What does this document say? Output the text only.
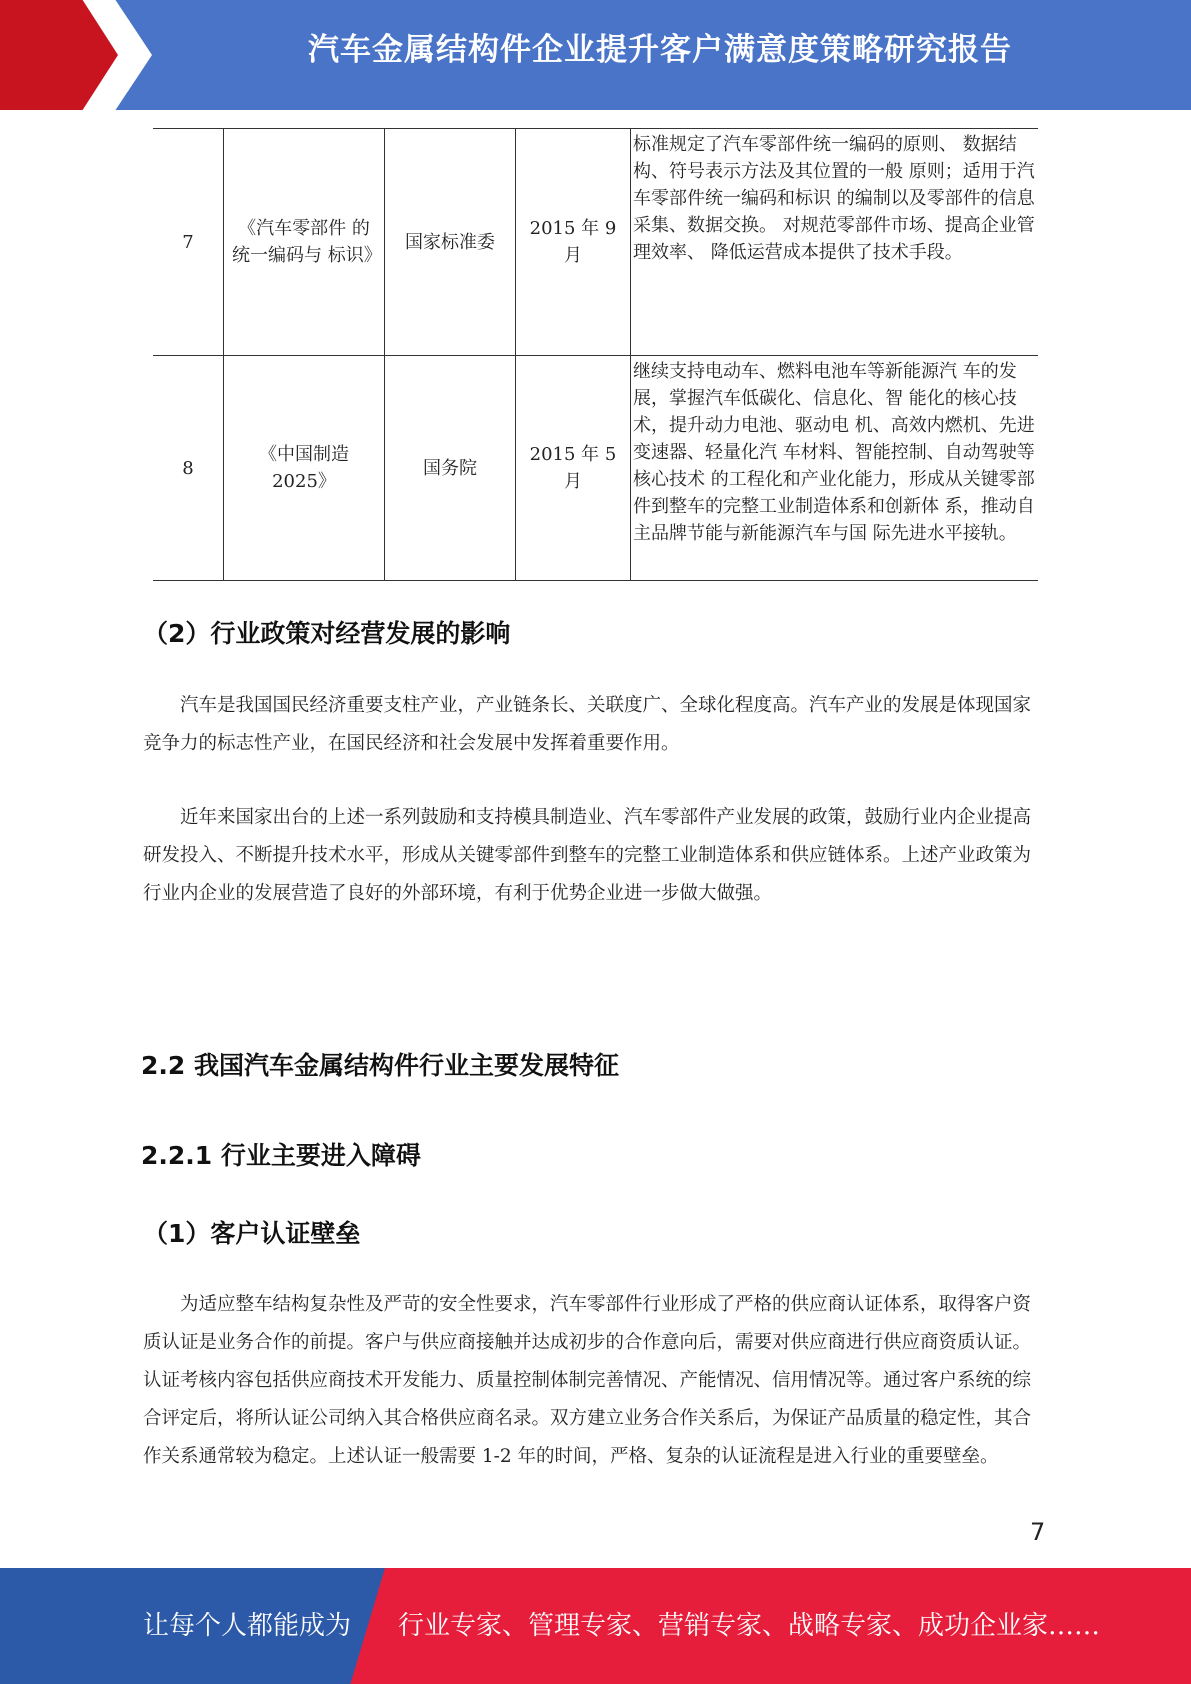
汽车金属结构件企业提升客户满意度策略研究报告
7	《汽车零部件 的统一编码与 标识》	国家标准委	2015 年 9 月	标准规定了汽车零部件统一编码的原则、 数据结构、符号表示方法及其位置的一般 原则；适用于汽车零部件统一编码和标识 的编制以及零部件的信息采集、数据交换。 对规范零部件市场、提高企业管理效率、 降低运营成本提供了技术手段。
8	《中国制造 2025》	国务院	2015 年 5 月	继续支持电动车、燃料电池车等新能源汽 车的发展，掌握汽车低碳化、信息化、智 能化的核心技术，提升动力电池、驱动电 机、高效内燃机、先进变速器、轻量化汽 车材料、智能控制、自动驾驶等核心技术 的工程化和产业化能力，形成从关键零部 件到整车的完整工业制造体系和创新体 系，推动自主品牌节能与新能源汽车与国 际先进水平接轨。
（2）行业政策对经营发展的影响
汽车是我国国民经济重要支柱产业，产业链条长、关联度广、全球化程度高。汽车产业的发展是体现国家竞争力的标志性产业，在国民经济和社会发展中发挥着重要作用。
近年来国家出台的上述一系列鼓励和支持模具制造业、汽车零部件产业发展的政策，鼓励行业内企业提高研发投入、不断提升技术水平，形成从关键零部件到整车的完整工业制造体系和供应链体系。上述产业政策为行业内企业的发展营造了良好的外部环境，有利于优势企业进一步做大做强。
2.2 我国汽车金属结构件行业主要发展特征
2.2.1 行业主要进入障碍
（1）客户认证壁垒
为适应整车结构复杂性及严苛的安全性要求，汽车零部件行业形成了严格的供应商认证体系，取得客户资质认证是业务合作的前提。客户与供应商接触并达成初步的合作意向后，需要对供应商进行供应商资质认证。认证考核内容包括供应商技术开发能力、质量控制体制完善情况、产能情况、信用情况等。通过客户系统的综合评定后，将所认证公司纳入其合格供应商名录。双方建立业务合作关系后，为保证产品质量的稳定性，其合作关系通常较为稳定。上述认证一般需要 1-2 年的时间，严格、复杂的认证流程是进入行业的重要壁垒。
7
让每个人都能成为 行业专家、管理专家、营销专家、战略专家、成功企业家……
